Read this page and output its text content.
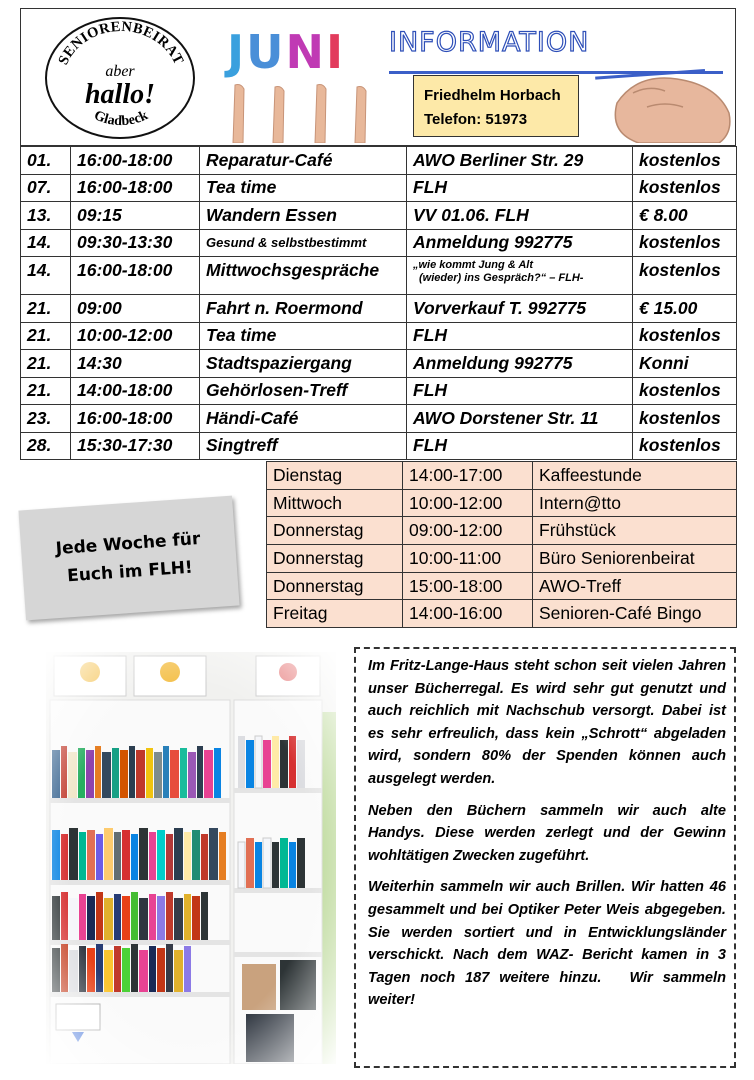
SENIORENBEIRAT
Gladbeck
aber
hallo!
J U N I INFORMATION
Friedhelm Horbach
Telefon: 51973
01.	16:00-18:00	Reparatur-Café	AWO Berliner Str. 29	kostenlos
07.	16:00-18:00	Tea time	FLH	kostenlos
13.	09:15	Wandern Essen	VV 01.06. FLH	€ 8.00
14.	09:30-13:30	Gesund & selbstbestimmt	Anmeldung 992775	kostenlos
14.	16:00-18:00	Mittwochsgespräche	„wie kommt Jung & Alt
(wieder) ins Gespräch?“ – FLH-	kostenlos
21.	09:00	Fahrt n. Roermond	Vorverkauf T. 992775	€ 15.00
21.	10:00-12:00	Tea time	FLH	kostenlos
21.	14:30	Stadtspaziergang	Anmeldung 992775	Konni
21.	14:00-18:00	Gehörlosen-Treff	FLH	kostenlos
23.	16:00-18:00	Händi-Café	AWO Dorstener Str. 11	kostenlos
28.	15:30-17:30	Singtreff	FLH	kostenlos
Dienstag	14:00-17:00	Kaffeestunde
Mittwoch	10:00-12:00	Intern@tto
Donnerstag	09:00-12:00	Frühstück
Donnerstag	10:00-11:00	Büro Seniorenbeirat
Donnerstag	15:00-18:00	AWO-Treff
Freitag	14:00-16:00	Senioren-Café Bingo
Jede Woche für
Euch im FLH!

Im Fritz-Lange-Haus steht schon seit vielen Jahren unser Bücherregal. Es wird sehr gut genutzt und auch reichlich mit Nachschub versorgt. Dabei ist es sehr erfreulich, dass kein „Schrott“ abgeladen wird, sondern 80% der Spenden können auch ausgelegt werden.

Neben den Büchern sammeln wir auch alte Handys. Diese werden zerlegt und der Gewinn wohltätigen Zwecken zugeführt.

Weiterhin sammeln wir auch Brillen. Wir hatten 46 gesammelt und bei Optiker Peter Weis abgegeben. Sie werden sortiert und in Entwicklungsländer verschickt. Nach dem WAZ- Bericht kamen in 3 Tagen noch 187 weitere hinzu. Wir sammeln weiter!
